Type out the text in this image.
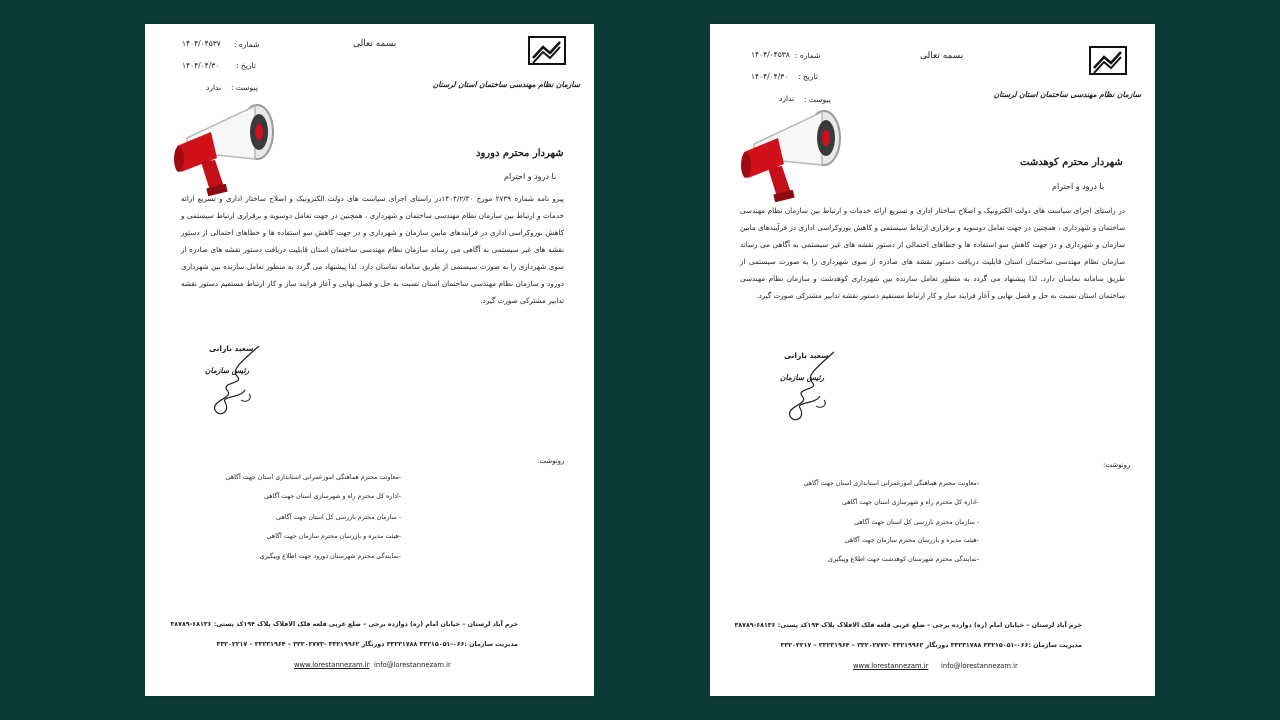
سازمان نظام مهندسی ساختمان استان لرستان
بسمه تعالی
شماره :
۱۴۰۴/۰۴۵۳۷
تاریخ :
۱۴۰۴/۰۴/۳۰
پیوست :
ندارد
شهردار محترم دورود
با درود و احترام
پیرو نامه شماره ۲۷۳۹ مورخ ۱۴۰۴/۲/۳۰در راستای اجرای سیاست های دولت الکترونیک و اصلاح ساختار اداری و تسریع ارائه خدمات و ارتباط بین سازمان نظام مهندسی ساختمان و شهرداری ، همچنین در جهت تعامل دوسویه و برقراری ارتباط سیستمی و کاهش بوروکراسی اداری در فرآیندهای مابین سازمان و شهرداری و در جهت کاهش سو استفاده ها و خطاهای احتمالی از دستور نقشه های غیر سیستمی به آگاهی می رساند سازمان نظام مهندسی ساختمان استان قابلیت دریافت دستور نقشه های صادره از سوی شهرداری را به صورت سیستمی از طریق سامانه نماسان دارد. لذا پیشنهاد می گردد به منظور تعامل سازنده بین شهرداری دورود و سازمان نظام مهندسی ساختمان استان نسبت به حل و فصل نهایی و آغاز فرایند ساز و کار ارتباط مستقیم دستور نقشه تدابیر مشترکی صورت گیرد.
سعید بارانی
رئیس سازمان
رونوشت:
-معاونت محترم هماهنگی امورعمرانی استانداری استان جهت آگاهی
-اداره کل محترم راه و شهرسازی استان جهت آگاهی
- سازمان محترم بازرسی کل استان جهت آگاهی
-هیئت مدیره و بازرسان محترم سازمان جهت آگاهی
-نمایندگی محترم شهرستان دورود جهت اطلاع وپیگیری
خرم آباد لرستان – خیابان امام (ره) دوازده برجی – ضلع غربی قلعه فلک الافلاک پلاک ۱۹۴کد پستی: ۶۸۱۳۶-۳۸۷۸۹
مدیریت سازمان :۰۶۶-۳۳۲۱۵۰۵۱ ۳۳۲۳۱۷۸۸ دورنگار ۳۳۲۱۹۹۶۲ -۳۳۲۰۲۷۷۳ – ۳۳۲۳۱۹۶۴ – ۳۳۲۰۲۲۱۷
www.lorestannezam.ir info@lorestannezam.ir
سازمان نظام مهندسی ساختمان استان لرستان
بسمه تعالی
شماره :
۱۴۰۴/۰۴۵۳۸
تاریخ :
۱۴۰۴/۰۴/۳۰
پیوست :
ندارد
شهردار محترم کوهدشت
با درود و احترام
در راستای اجرای سیاست های دولت الکترونیک و اصلاح ساختار اداری و تسریع ارائه خدمات و ارتباط بین سازمان نظام مهندسی ساختمان و شهرداری ، همچنین در جهت تعامل دوسویه و برقراری ارتباط سیستمی و کاهش بوروکراسی اداری در فرآیندهای مابین سازمان و شهرداری و در جهت کاهش سو استفاده ها و خطاهای احتمالی از دستور نقشه های غیر سیستمی به آگاهی می رساند سازمان نظام مهندسی ساختمان استان قابلیت دریافت دستور نقشه های صادره از سوی شهرداری را به صورت سیستمی از طریق سامانه نماسان دارد. لذا پیشنهاد می گردد به منظور تعامل سازنده بین شهرداری کوهدشت و سازمان نظام مهندسی ساختمان استان نسبت به حل و فصل نهایی و آغاز فرایند ساز و کار ارتباط مستقیم دستور نقشه تدابیر مشترکی صورت گیرد.
سعید بارانی
رئیس سازمان
رونوشت:
-معاونت محترم هماهنگی امورعمرانی استانداری استان جهت آگاهی
-اداره کل محترم راه و شهرسازی استان جهت آگاهی
- سازمان محترم بازرسی کل استان جهت آگاهی
-هیئت مدیره و بازرسان محترم سازمان جهت آگاهی
-نمایندگی محترم شهرستان کوهدشت جهت اطلاع وپیگیری
خرم آباد لرستان – خیابان امام (ره) دوازده برجی – ضلع غربی قلعه فلک الافلاک پلاک ۱۹۴کد پستی: ۶۸۱۳۶-۳۸۷۸۹
مدیریت سازمان :۰۶۶-۳۳۲۱۵۰۵۱ ۳۳۲۳۱۷۸۸ دورنگار ۳۳۲۱۹۹۶۲ -۳۳۲۰۲۷۷۳ – ۳۳۲۳۱۹۶۴ – ۳۳۲۰۲۲۱۷
www.lorestannezam.ir info@lorestannezam.ir
